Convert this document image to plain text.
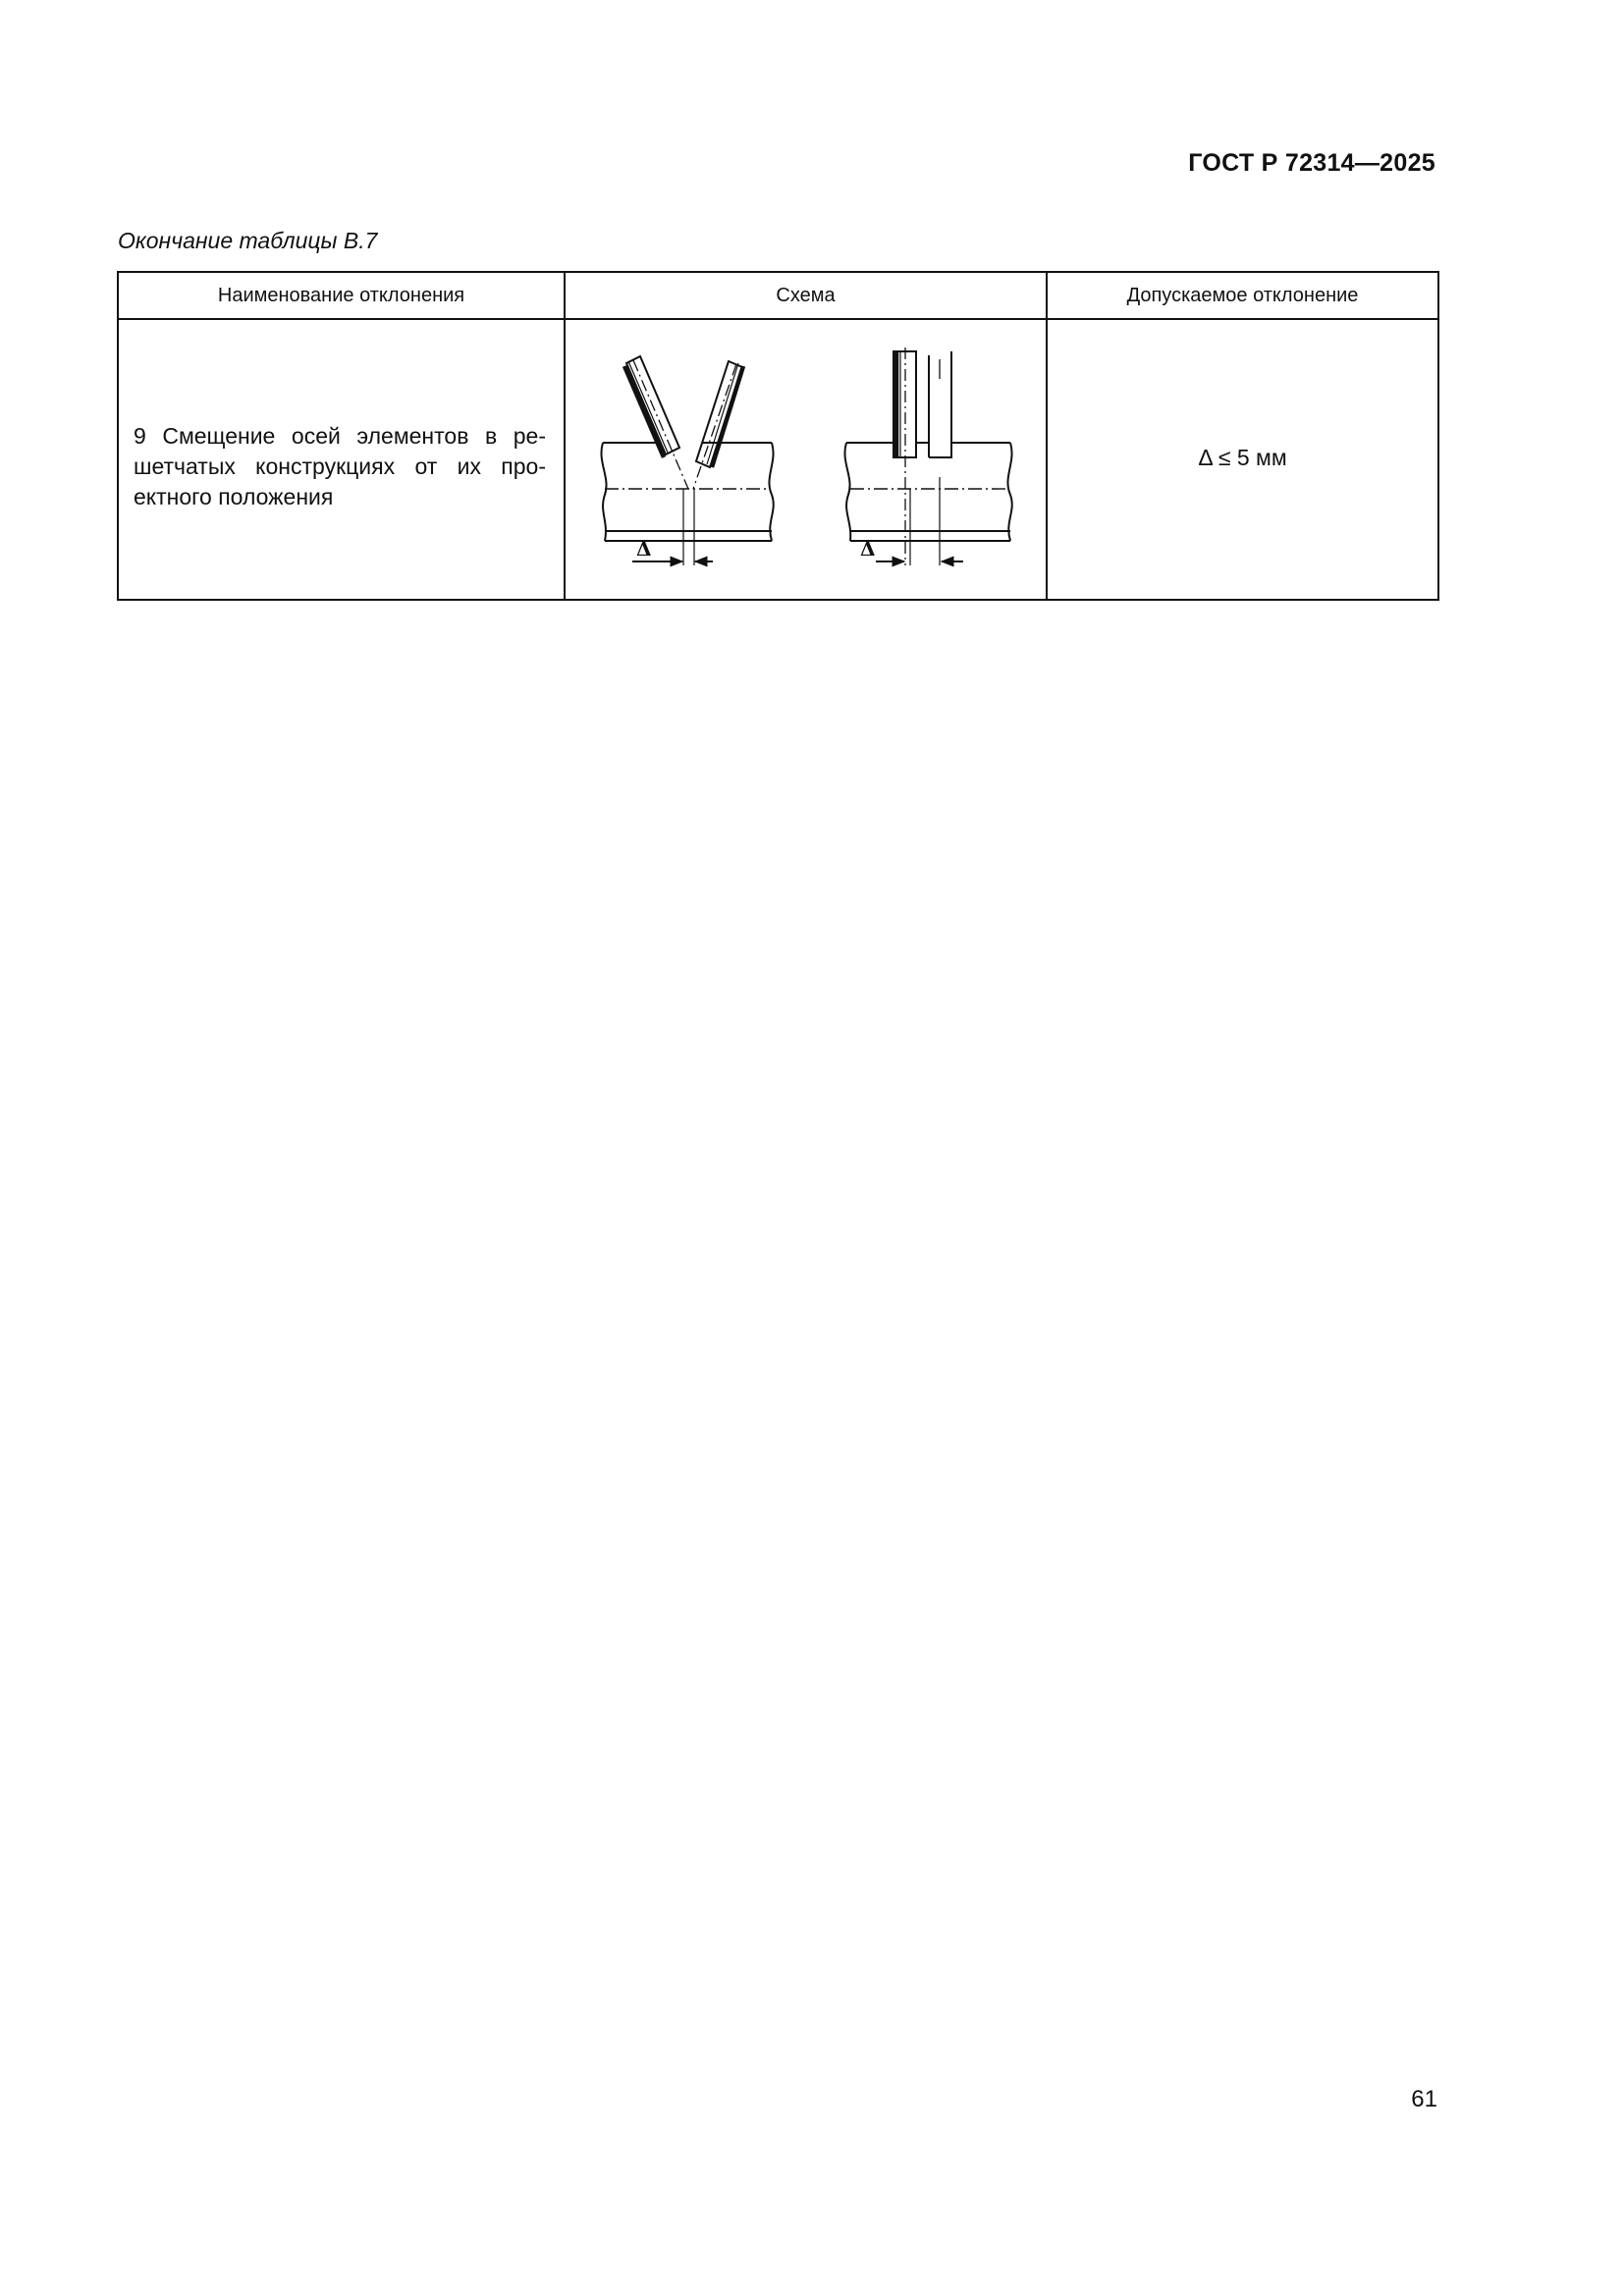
ГОСТ Р 72314—2025
Окончание таблицы В.7
Наименование отклонения	Схема	Допускаемое отклонение

9 Смещение осей элементов в решетчатых конструкциях от их проектного положения	Δ Δ	Δ ≤ 5 мм
61
